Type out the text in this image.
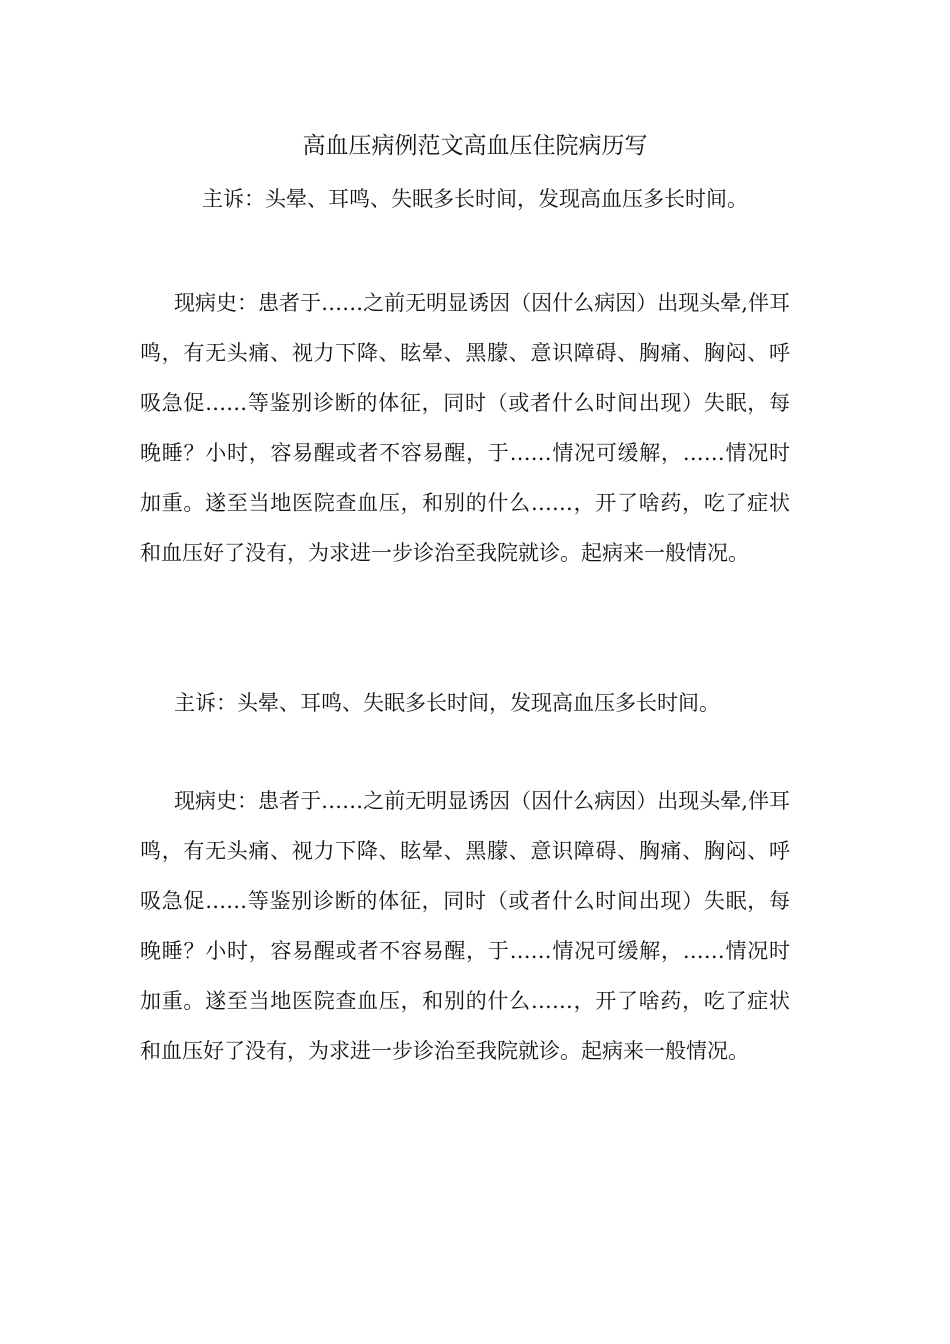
高血压病例范文高血压住院病历写

主诉：头晕、耳鸣、失眠多长时间，发现高血压多长时间。

现病史：患者于……之前无明显诱因（因什么病因）出现头晕,伴耳鸣，有无头痛、视力下降、眩晕、黑朦、意识障碍、胸痛、胸闷、呼吸急促……等鉴别诊断的体征，同时（或者什么时间出现）失眠，每晚睡？小时，容易醒或者不容易醒，于……情况可缓解，……情况时加重。遂至当地医院查血压，和别的什么……，开了啥药，吃了症状和血压好了没有，为求进一步诊治至我院就诊。起病来一般情况。

主诉：头晕、耳鸣、失眠多长时间，发现高血压多长时间。

现病史：患者于……之前无明显诱因（因什么病因）出现头晕,伴耳鸣，有无头痛、视力下降、眩晕、黑朦、意识障碍、胸痛、胸闷、呼吸急促……等鉴别诊断的体征，同时（或者什么时间出现）失眠，每晚睡？小时，容易醒或者不容易醒，于……情况可缓解，……情况时加重。遂至当地医院查血压，和别的什么……，开了啥药，吃了症状和血压好了没有，为求进一步诊治至我院就诊。起病来一般情况。
